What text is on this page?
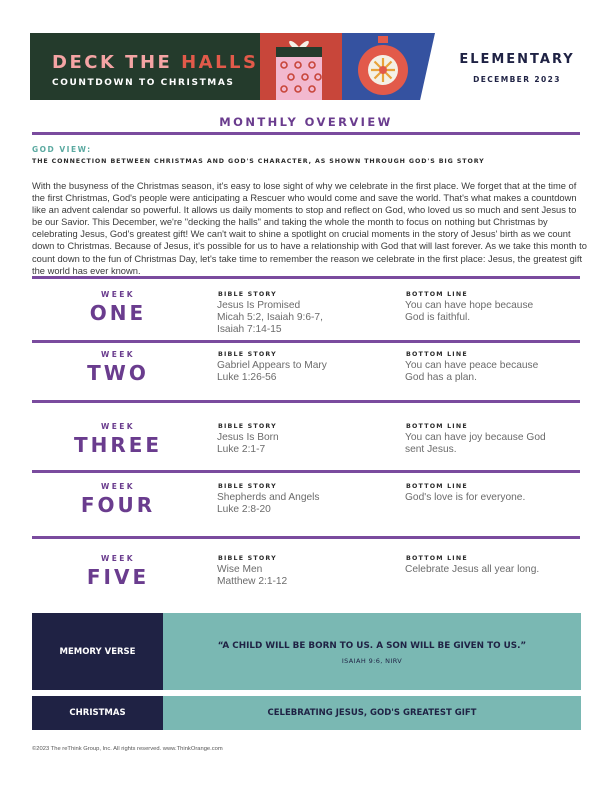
DECK THE HALLS
COUNTDOWN TO CHRISTMAS
ELEMENTARY
DECEMBER 2023
MONTHLY OVERVIEW
GOD VIEW:
THE CONNECTION BETWEEN CHRISTMAS AND GOD'S CHARACTER, AS SHOWN THROUGH GOD'S BIG STORY
With the busyness of the Christmas season, it's easy to lose sight of why we celebrate in the first place. We forget that at the time of the first Christmas, God's people were anticipating a Rescuer who would come and save the world. That's what makes a countdown like an advent calendar so powerful. It allows us daily moments to stop and reflect on God, who loved us so much and sent Jesus to be our Savior. This December, we're "decking the halls" and taking the whole the month to focus on nothing but Christmas by celebrating Jesus, God's greatest gift! We can't wait to shine a spotlight on crucial moments in the story of Jesus' birth as we count down to Christmas. Because of Jesus, it's possible for us to have a relationship with God that will last forever. As we take this month to count down to the fun of Christmas Day, let's take time to remember the reason we celebrate in the first place: Jesus, the greatest gift the world has ever known.
WEEK
ONE
BIBLE STORY
Jesus Is Promised
Micah 5:2, Isaiah 9:6-7,
Isaiah 7:14-15
BOTTOM LINE
You can have hope because
God is faithful.
WEEK
TWO
BIBLE STORY
Gabriel Appears to Mary
Luke 1:26-56
BOTTOM LINE
You can have peace because
God has a plan.
WEEK
THREE
BIBLE STORY
Jesus Is Born
Luke 2:1-7
BOTTOM LINE
You can have joy because God
sent Jesus.
WEEK
FOUR
BIBLE STORY
Shepherds and Angels
Luke 2:8-20
BOTTOM LINE
God's love is for everyone.
WEEK
FIVE
BIBLE STORY
Wise Men
Matthew 2:1-12
BOTTOM LINE
Celebrate Jesus all year long.
MEMORY VERSE
“A CHILD WILL BE BORN TO US. A SON WILL BE GIVEN TO US.”
ISAIAH 9:6, NIRV
CHRISTMAS	CELEBRATING JESUS, GOD'S GREATEST GIFT
©2023 The reThink Group, Inc. All rights reserved. www.ThinkOrange.com
